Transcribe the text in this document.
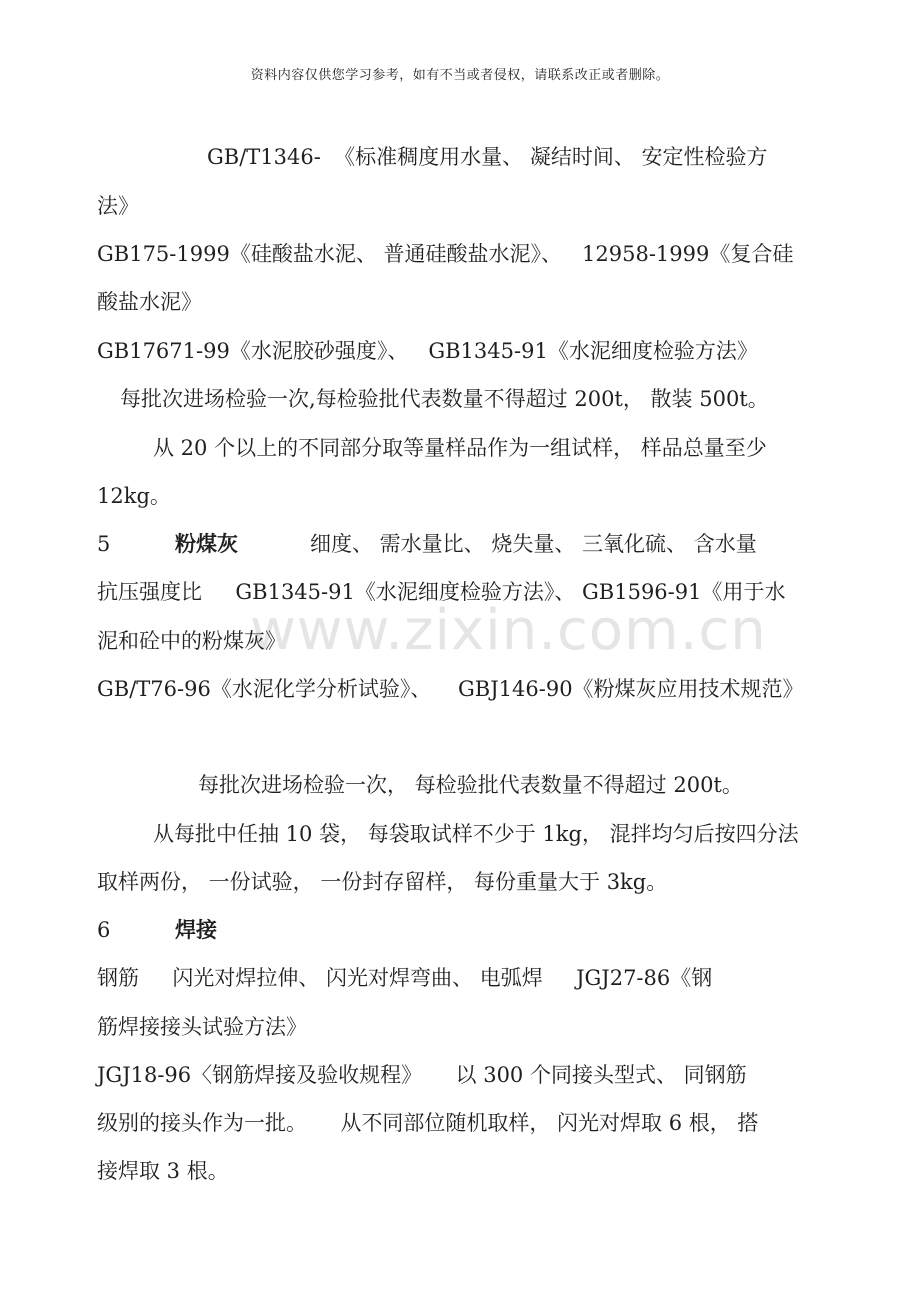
资料内容仅供您学习参考，如有不当或者侵权，请联系改正或者删除。
www.zixin.com.cn
GB/T1346-  《标准稠度用水量、 凝结时间、 安定性检验方
法》
GB175-1999《硅酸盐水泥、 普通硅酸盐水泥》、   12958-1999《复合硅
酸盐水泥》
GB17671-99《水泥胶砂强度》、   GB1345-91《水泥细度检验方法》
每批次进场检验一次,每检验批代表数量不得超过 200t， 散装 500t。
从 20 个以上的不同部分取等量样品作为一组试样， 样品总量至少
12kg。
5	粉煤灰	细度、 需水量比、 烧失量、 三氧化硫、 含水量
抗压强度比     GB1345-91《水泥细度检验方法》、 GB1596-91《用于水
泥和砼中的粉煤灰》
GB/T76-96《水泥化学分析试验》、    GBJ146-90《粉煤灰应用技术规范》
每批次进场检验一次， 每检验批代表数量不得超过 200t。
从每批中任抽 10 袋， 每袋取试样不少于 1kg， 混拌均匀后按四分法
取样两份， 一份试验， 一份封存留样， 每份重量大于 3kg。
6	焊接
钢筋     闪光对焊拉伸、 闪光对焊弯曲、 电弧焊     JGJ27-86《钢
筋焊接接头试验方法》
JGJ18-96〈钢筋焊接及验收规程》     以 300 个同接头型式、 同钢筋
级别的接头作为一批。     从不同部位随机取样， 闪光对焊取 6 根， 搭
接焊取 3 根。
